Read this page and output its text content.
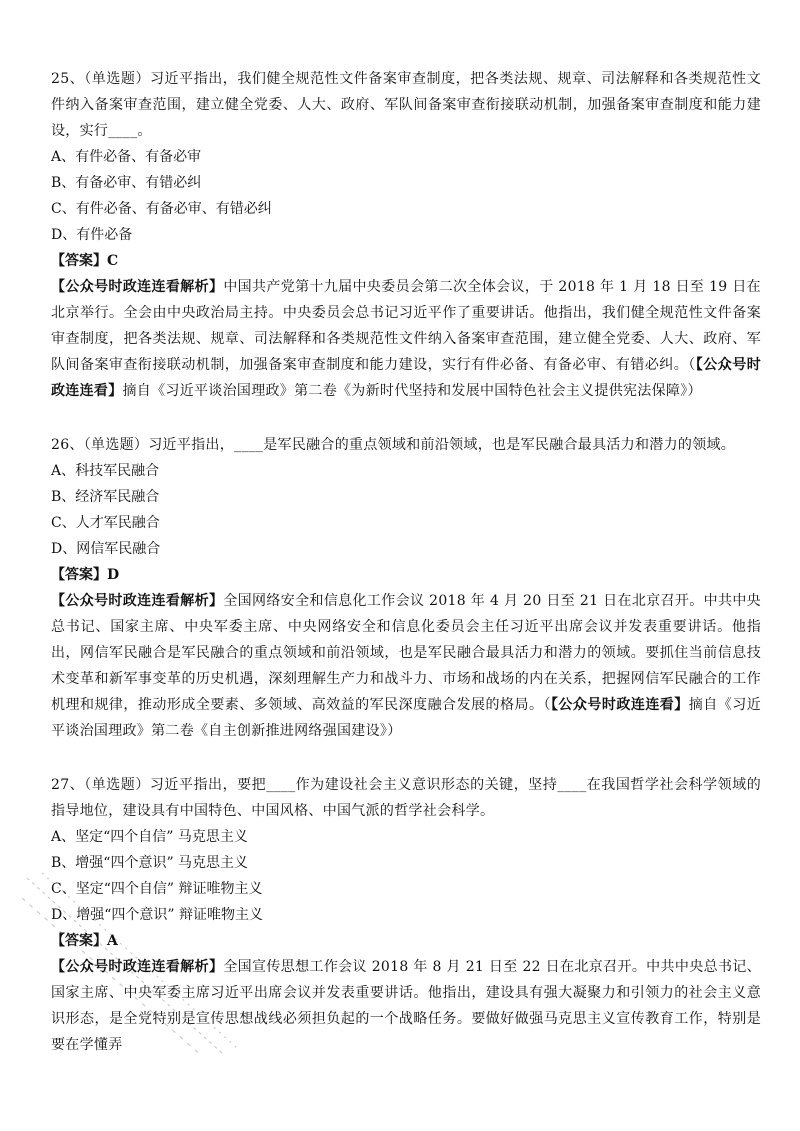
25、（单选题）习近平指出，我们健全规范性文件备案审查制度，把各类法规、规章、司法解释和各类规范性文件纳入备案审查范围，建立健全党委、人大、政府、军队间备案审查衔接联动机制，加强备案审查制度和能力建设，实行____。
A、有件必备、有备必审
B、有备必审、有错必纠
C、有件必备、有备必审、有错必纠
D、有件必备
【答案】C
【公众号时政连连看解析】中国共产党第十九届中央委员会第二次全体会议，于 2018 年 1 月 18 日至 19 日在北京举行。全会由中央政治局主持。中央委员会总书记习近平作了重要讲话。他指出，我们健全规范性文件备案审查制度，把各类法规、规章、司法解释和各类规范性文件纳入备案审查范围，建立健全党委、人大、政府、军队间备案审查衔接联动机制，加强备案审查制度和能力建设，实行有件必备、有备必审、有错必纠。（【公众号时政连连看】摘自《习近平谈治国理政》第二卷《为新时代坚持和发展中国特色社会主义提供宪法保障》）
26、（单选题）习近平指出，____是军民融合的重点领域和前沿领域，也是军民融合最具活力和潜力的领域。
A、科技军民融合
B、经济军民融合
C、人才军民融合
D、网信军民融合
【答案】D
【公众号时政连连看解析】全国网络安全和信息化工作会议 2018 年 4 月 20 日至 21 日在北京召开。中共中央总书记、国家主席、中央军委主席、中央网络安全和信息化委员会主任习近平出席会议并发表重要讲话。他指出，网信军民融合是军民融合的重点领域和前沿领域，也是军民融合最具活力和潜力的领域。要抓住当前信息技术变革和新军事变革的历史机遇，深刻理解生产力和战斗力、市场和战场的内在关系，把握网信军民融合的工作机理和规律，推动形成全要素、多领域、高效益的军民深度融合发展的格局。（【公众号时政连连看】摘自《习近平谈治国理政》第二卷《自主创新推进网络强国建设》）
27、（单选题）习近平指出，要把____作为建设社会主义意识形态的关键，坚持____在我国哲学社会科学领域的指导地位，建设具有中国特色、中国风格、中国气派的哲学社会科学。
A、坚定“四个自信” 马克思主义
B、增强“四个意识” 马克思主义
C、坚定“四个自信” 辩证唯物主义
D、增强“四个意识” 辩证唯物主义
【答案】A
【公众号时政连连看解析】全国宣传思想工作会议 2018 年 8 月 21 日至 22 日在北京召开。中共中央总书记、国家主席、中央军委主席习近平出席会议并发表重要讲话。他指出，建设具有强大凝聚力和引领力的社会主义意识形态，是全党特别是宣传思想战线必须担负起的一个战略任务。要做好做强马克思主义宣传教育工作，特别是要在学懂弄
